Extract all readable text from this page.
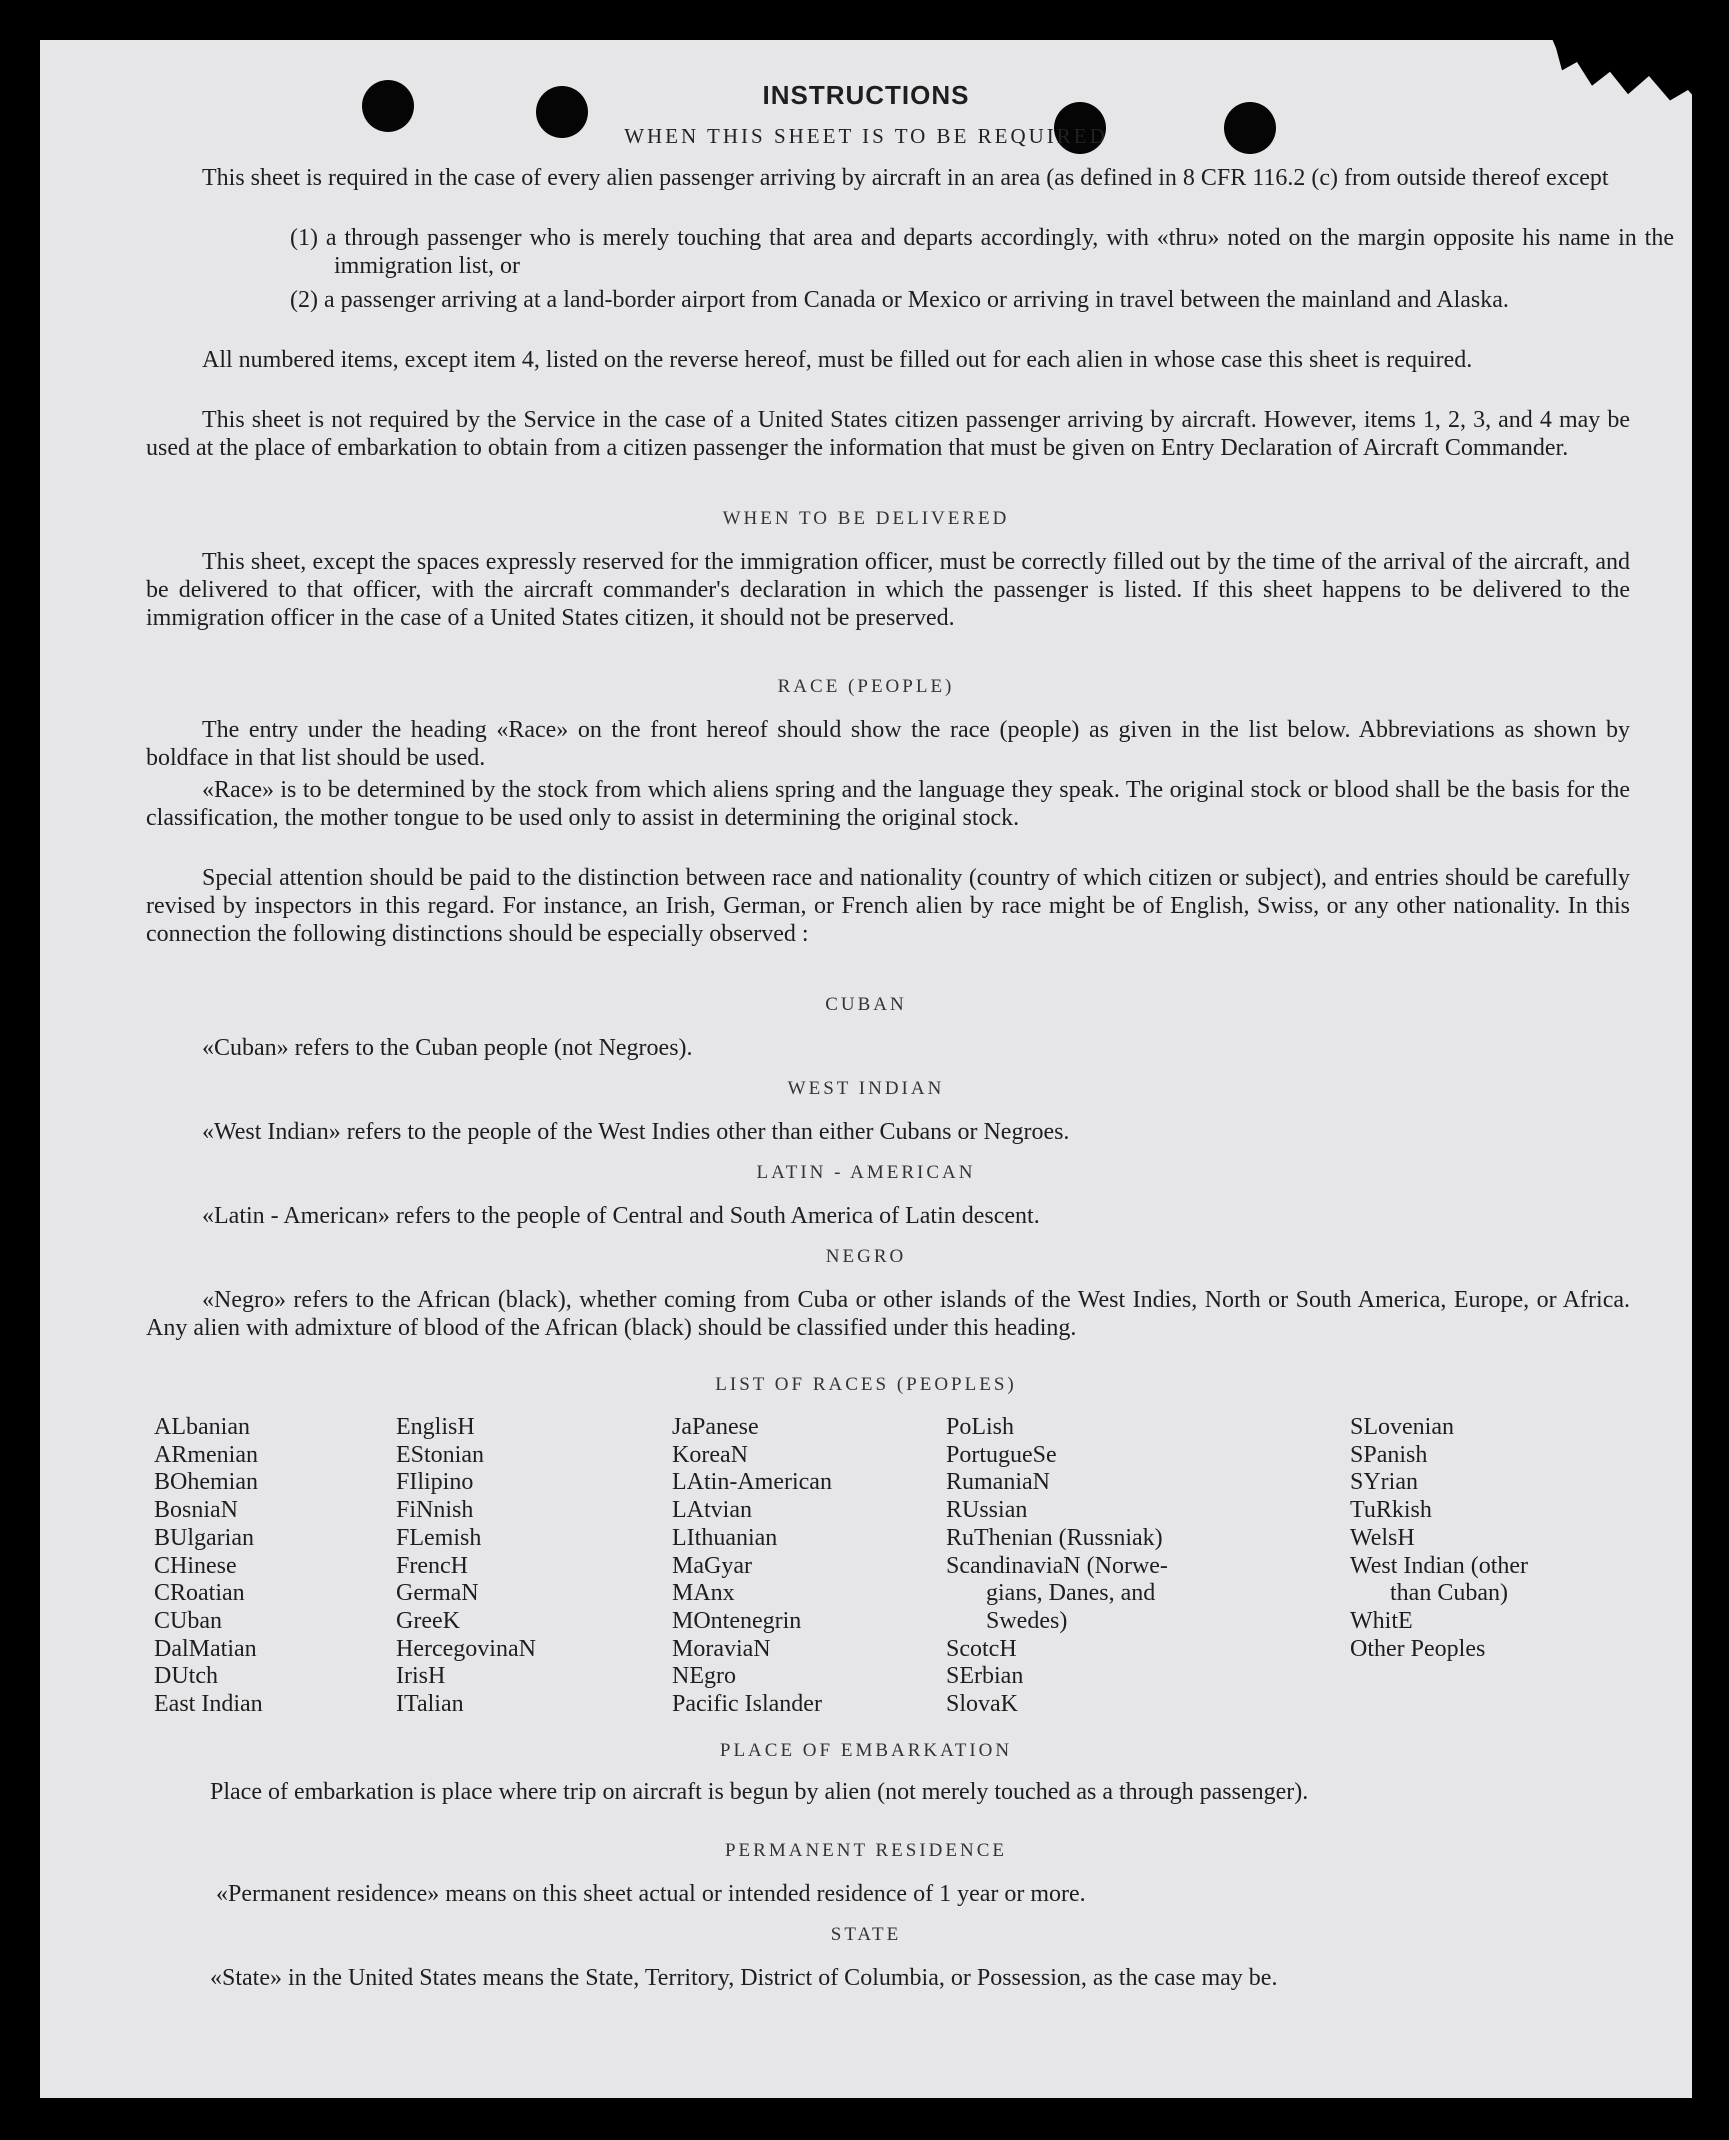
INSTRUCTIONS
WHEN THIS SHEET IS TO BE REQUIRED

This sheet is required in the case of every alien passenger arriving by aircraft in an area (as defined in 8 CFR 116.2 (c) from outside thereof except

(1) a through passenger who is merely touching that area and departs accordingly, with «thru» noted on the margin opposite his name in the immigration list, or

(2) a passenger arriving at a land-border airport from Canada or Mexico or arriving in travel between the mainland and Alaska.

All numbered items, except item 4, listed on the reverse hereof, must be filled out for each alien in whose case this sheet is required.

This sheet is not required by the Service in the case of a United States citizen passenger arriving by aircraft. However, items 1, 2, 3, and 4 may be used at the place of embarkation to obtain from a citizen passenger the information that must be given on Entry Declaration of Aircraft Commander.

WHEN TO BE DELIVERED

This sheet, except the spaces expressly reserved for the immigration officer, must be correctly filled out by the time of the arrival of the aircraft, and be delivered to that officer, with the aircraft commander's declaration in which the passenger is listed. If this sheet happens to be delivered to the immigration officer in the case of a United States citizen, it should not be preserved.

RACE (PEOPLE)

The entry under the heading «Race» on the front hereof should show the race (people) as given in the list below. Abbreviations as shown by boldface in that list should be used.

«Race» is to be determined by the stock from which aliens spring and the language they speak. The original stock or blood shall be the basis for the classification, the mother tongue to be used only to assist in determining the original stock.

Special attention should be paid to the distinction between race and nationality (country of which citizen or subject), and entries should be carefully revised by inspectors in this regard. For instance, an Irish, German, or French alien by race might be of English, Swiss, or any other nationality. In this connection the following distinctions should be especially observed :

CUBAN

«Cuban» refers to the Cuban people (not Negroes).

WEST INDIAN

«West Indian» refers to the people of the West Indies other than either Cubans or Negroes.

LATIN - AMERICAN

«Latin - American» refers to the people of Central and South America of Latin descent.

NEGRO

«Negro» refers to the African (black), whether coming from Cuba or other islands of the West Indies, North or South America, Europe, or Africa. Any alien with admixture of blood of the African (black) should be classified under this heading.

LIST OF RACES (PEOPLES)
ALbanian
ARmenian
BOhemian
BosniaN
BUlgarian
CHinese
CRoatian
CUban
DalMatian
DUtch
East Indian
EnglisH
EStonian
FIlipino
FiNnish
FLemish
FrencH
GermaN
GreeK
HercegovinaN
IrisH
ITalian
JaPanese
KoreaN
LAtin-American
LAtvian
LIthuanian
MaGyar
MAnx
MOntenegrin
MoraviaN
NEgro
Pacific Islander
PoLish
PortugueSe
RumaniaN
RUssian
RuThenian (Russniak)
ScandinaviaN (Norwe-
gians, Danes, and
Swedes)
ScotcH
SErbian
SlovaK
SLovenian
SPanish
SYrian
TuRkish
WelsH
West Indian (other
than Cuban)
WhitE
Other Peoples
PLACE OF EMBARKATION

Place of embarkation is place where trip on aircraft is begun by alien (not merely touched as a through passenger).

PERMANENT RESIDENCE

«Permanent residence» means on this sheet actual or intended residence of 1 year or more.

STATE

«State» in the United States means the State, Territory, District of Columbia, or Possession, as the case may be.
